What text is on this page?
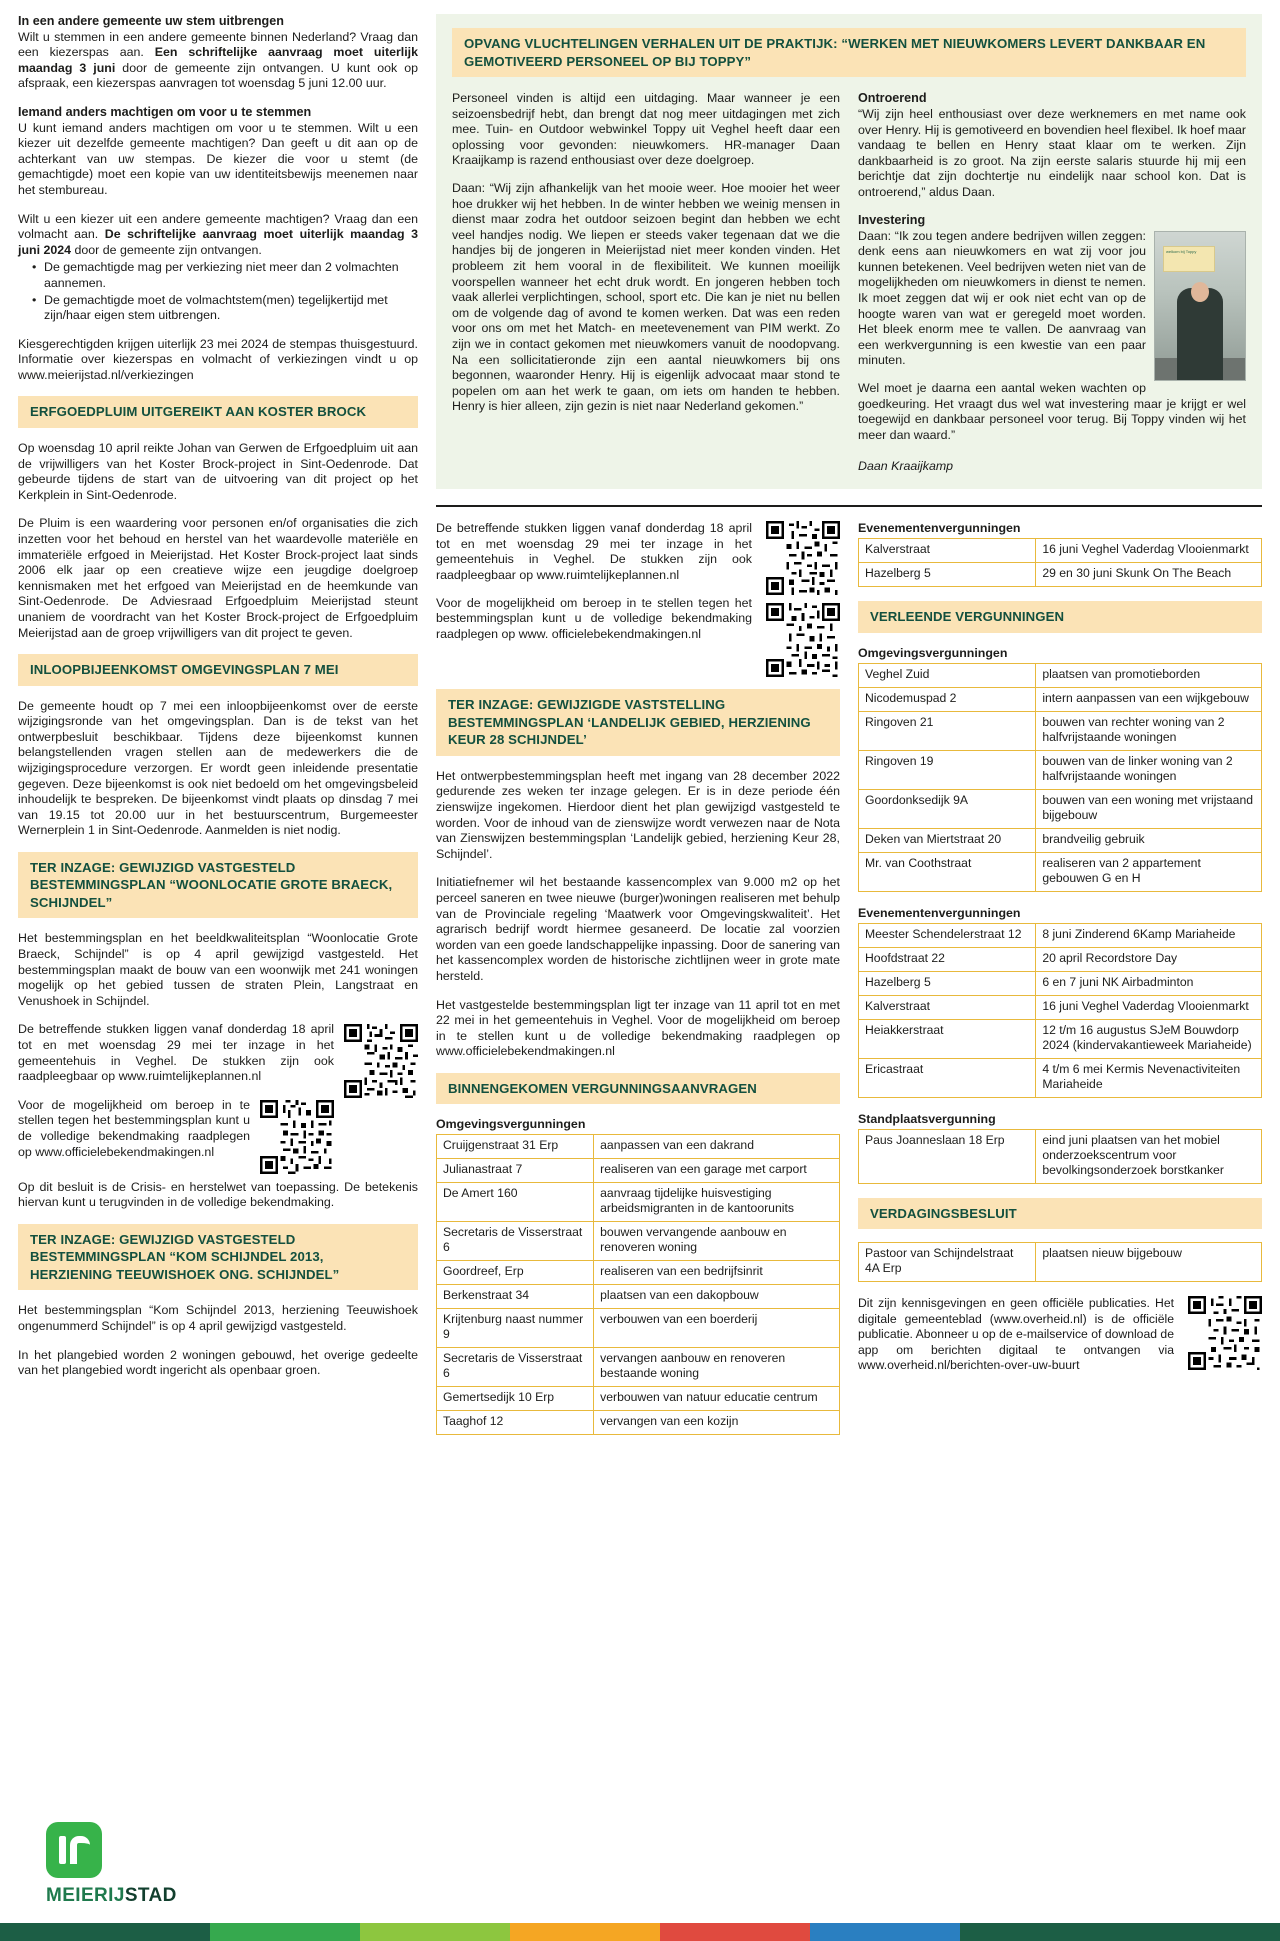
In een andere gemeente uw stem uitbrengen

Wilt u stemmen in een andere gemeente binnen Nederland? Vraag dan een kiezerspas aan. Een schriftelijke aanvraag moet uiterlijk maandag 3 juni door de gemeente zijn ontvangen. U kunt ook op afspraak, een kiezerspas aanvragen tot woensdag 5 juni 12.00 uur.

Iemand anders machtigen om voor u te stemmen

U kunt iemand anders machtigen om voor u te stemmen. Wilt u een kiezer uit dezelfde gemeente machtigen? Dan geeft u dit aan op de achterkant van uw stempas. De kiezer die voor u stemt (de gemachtigde) moet een kopie van uw identiteitsbewijs meenemen naar het stembureau.

Wilt u een kiezer uit een andere gemeente machtigen? Vraag dan een volmacht aan. De schriftelijke aanvraag moet uiterlijk maandag 3 juni 2024 door de gemeente zijn ontvangen.

• De gemachtigde mag per verkiezing niet meer dan 2 volmachten aannemen.
• De gemachtigde moet de volmachtstem(men) tegelijkertijd met zijn/haar eigen stem uitbrengen.

Kiesgerechtigden krijgen uiterlijk 23 mei 2024 de stempas thuisgestuurd. Informatie over kiezerspas en volmacht of verkiezingen vindt u op www.meierijstad.nl/verkiezingen

ERFGOEDPLUIM UITGEREIKT AAN KOSTER BROCK

Op woensdag 10 april reikte Johan van Gerwen de Erfgoedpluim uit aan de vrijwilligers van het Koster Brock-project in Sint-Oedenrode. Dat gebeurde tijdens de start van de uitvoering van dit project op het Kerkplein in Sint-Oedenrode.

De Pluim is een waardering voor personen en/of organisaties die zich inzetten voor het behoud en herstel van het waardevolle materiële en immateriële erfgoed in Meierijstad. Het Koster Brock-project laat sinds 2006 elk jaar op een creatieve wijze een jeugdige doelgroep kennismaken met het erfgoed van Meierijstad en de heemkunde van Sint-Oedenrode. De Adviesraad Erfgoedpluim Meierijstad steunt unaniem de voordracht van het Koster Brock-project de Erfgoedpluim Meierijstad aan de groep vrijwilligers van dit project te geven.

INLOOPBIJEENKOMST OMGEVINGSPLAN 7 MEI

De gemeente houdt op 7 mei een inloopbijeenkomst over de eerste wijzigingsronde van het omgevingsplan. Dan is de tekst van het ontwerpbesluit beschikbaar. Tijdens deze bijeenkomst kunnen belangstellenden vragen stellen aan de medewerkers die de wijzigingsprocedure verzorgen. Er wordt geen inleidende presentatie gegeven. Deze bijeenkomst is ook niet bedoeld om het omgevingsbeleid inhoudelijk te bespreken. De bijeenkomst vindt plaats op dinsdag 7 mei van 19.15 tot 20.00 uur in het bestuurscentrum, Burgemeester Wernerplein 1 in Sint-Oedenrode. Aanmelden is niet nodig.

TER INZAGE: GEWIJZIGD VASTGESTELD BESTEMMINGSPLAN “WOONLOCATIE GROTE BRAECK, SCHIJNDEL”

Het bestemmingsplan en het beeldkwaliteitsplan “Woonlocatie Grote Braeck, Schijndel” is op 4 april gewijzigd vastgesteld. Het bestemmingsplan maakt de bouw van een woonwijk met 241 woningen mogelijk op het gebied tussen de straten Plein, Langstraat en Venushoek in Schijndel.

De betreffende stukken liggen vanaf donderdag 18 april tot en met woensdag 29 mei ter inzage in het gemeentehuis in Veghel. De stukken zijn ook raadpleegbaar op www.ruimtelijkeplannen.nl

Voor de mogelijkheid om beroep in te stellen tegen het bestemmingsplan kunt u de volledige bekendmaking raadplegen op www.officielebekendmakingen.nl

Op dit besluit is de Crisis- en herstelwet van toepassing. De betekenis hiervan kunt u terugvinden in de volledige bekendmaking.

TER INZAGE: GEWIJZIGD VASTGESTELD BESTEMMINGSPLAN “KOM SCHIJNDEL 2013, HERZIENING TEEUWISHOEK ONG. SCHIJNDEL”

Het bestemmingsplan “Kom Schijndel 2013, herziening Teeuwishoek ongenummerd Schijndel” is op 4 april gewijzigd vastgesteld.

In het plangebied worden 2 woningen gebouwd, het overige gedeelte van het plangebied wordt ingericht als openbaar groen.

OPVANG VLUCHTELINGEN VERHALEN UIT DE PRAKTIJK: “WERKEN MET NIEUWKOMERS LEVERT DANKBAAR EN GEMOTIVEERD PERSONEEL OP BIJ TOPPY”

Personeel vinden is altijd een uitdaging. Maar wanneer je een seizoensbedrijf hebt, dan brengt dat nog meer uitdagingen met zich mee. Tuin- en Outdoor webwinkel Toppy uit Veghel heeft daar een oplossing voor gevonden: nieuwkomers. HR-manager Daan Kraaijkamp is razend enthousiast over deze doelgroep.

Daan: “Wij zijn afhankelijk van het mooie weer. Hoe mooier het weer hoe drukker wij het hebben. In de winter hebben we weinig mensen in dienst maar zodra het outdoor seizoen begint dan hebben we echt veel handjes nodig. We liepen er steeds vaker tegenaan dat we die handjes bij de jongeren in Meierijstad niet meer konden vinden. Het probleem zit hem vooral in de flexibiliteit. We kunnen moeilijk voorspellen wanneer het echt druk wordt. En jongeren hebben toch vaak allerlei verplichtingen, school, sport etc. Die kan je niet nu bellen om de volgende dag of avond te komen werken. Dat was een reden voor ons om met het Match- en meetevenement van PIM werkt. Zo zijn we in contact gekomen met nieuwkomers vanuit de noodopvang. Na een sollicitatieronde zijn een aantal nieuwkomers bij ons begonnen, waaronder Henry. Hij is eigenlijk advocaat maar stond te popelen om aan het werk te gaan, om iets om handen te hebben. Henry is hier alleen, zijn gezin is niet naar Nederland gekomen.”

Ontroerend

“Wij zijn heel enthousiast over deze werknemers en met name ook over Henry. Hij is gemotiveerd en bovendien heel flexibel. Ik hoef maar vandaag te bellen en Henry staat klaar om te werken. Zijn dankbaarheid is zo groot. Na zijn eerste salaris stuurde hij mij een berichtje dat zijn dochtertje nu eindelijk naar school kon. Dat is ontroerend,” aldus Daan.

Investering
welkom bij Toppy

Daan: “Ik zou tegen andere bedrijven willen zeggen: denk eens aan nieuwkomers en wat zij voor jou kunnen betekenen. Veel bedrijven weten niet van de mogelijkheden om nieuwkomers in dienst te nemen. Ik moet zeggen dat wij er ook niet echt van op de hoogte waren van wat er geregeld moet worden. Het bleek enorm mee te vallen. De aanvraag van een werkvergunning is een kwestie van een paar minuten.

Wel moet je daarna een aantal weken wachten op goedkeuring. Het vraagt dus wel wat investering maar je krijgt er wel toegewijd en dankbaar personeel voor terug. Bij Toppy vinden wij het meer dan waard.”

Daan Kraaijkamp

De betreffende stukken liggen vanaf donderdag 18 april tot en met woensdag 29 mei ter inzage in het gemeentehuis in Veghel. De stukken zijn ook raadpleegbaar op www.ruimtelijkeplannen.nl

Voor de mogelijkheid om beroep in te stellen tegen het bestemmingsplan kunt u de volledige bekendmaking raadplegen op www. officielebekendmakingen.nl

TER INZAGE: GEWIJZIGDE VASTSTELLING BESTEMMINGSPLAN ‘LANDELIJK GEBIED, HERZIENING KEUR 28 SCHIJNDEL’

Het ontwerpbestemmingsplan heeft met ingang van 28 december 2022 gedurende zes weken ter inzage gelegen. Er is in deze periode één zienswijze ingekomen. Hierdoor dient het plan gewijzigd vastgesteld te worden. Voor de inhoud van de zienswijze wordt verwezen naar de Nota van Zienswijzen bestemmingsplan ‘Landelijk gebied, herziening Keur 28, Schijndel’.

Initiatiefnemer wil het bestaande kassencomplex van 9.000 m2 op het perceel saneren en twee nieuwe (burger)woningen realiseren met behulp van de Provinciale regeling ‘Maatwerk voor Omgevingskwaliteit’. Het agrarisch bedrijf wordt hiermee gesaneerd. De locatie zal voorzien worden van een goede landschappelijke inpassing. Door de sanering van het kassencomplex worden de historische zichtlijnen weer in grote mate hersteld.

Het vastgestelde bestemmingsplan ligt ter inzage van 11 april tot en met 22 mei in het gemeentehuis in Veghel. Voor de mogelijkheid om beroep in te stellen kunt u de volledige bekendmaking raadplegen op www.officielebekendmakingen.nl

BINNENGEKOMEN VERGUNNINGSAANVRAGEN
Omgevingsvergunningen
Cruijgenstraat 31 Erp	aanpassen van een dakrand
Julianastraat 7	realiseren van een garage met carport
De Amert 160	aanvraag tijdelijke huisvestiging arbeidsmigranten in de kantoorunits
Secretaris de Visserstraat 6	bouwen vervangende aanbouw en renoveren woning
Goordreef, Erp	realiseren van een bedrijfsinrit
Berkenstraat 34	plaatsen van een dakopbouw
Krijtenburg naast nummer 9	verbouwen van een boerderij
Secretaris de Visserstraat 6	vervangen aanbouw en renoveren bestaande woning
Gemertsedijk 10 Erp	verbouwen van natuur educatie centrum
Taaghof 12	vervangen van een kozijn
Evenementenvergunningen
Kalverstraat	16 juni Veghel Vaderdag Vlooienmarkt
Hazelberg 5	29 en 30 juni Skunk On The Beach
VERLEENDE VERGUNNINGEN
Omgevingsvergunningen
Veghel Zuid	plaatsen van promotieborden
Nicodemuspad 2	intern aanpassen van een wijkgebouw
Ringoven 21	bouwen van rechter woning van 2 halfvrijstaande woningen
Ringoven 19	bouwen van de linker woning van 2 halfvrijstaande woningen
Goordonksedijk 9A	bouwen van een woning met vrijstaand bijgebouw
Deken van Miertstraat 20	brandveilig gebruik
Mr. van Coothstraat	realiseren van 2 appartement gebouwen G en H
Evenementenvergunningen
Meester Schendelerstraat 12	8 juni Zinderend 6Kamp Mariaheide
Hoofdstraat 22	20 april Recordstore Day
Hazelberg 5	6 en 7 juni NK Airbadminton
Kalverstraat	16 juni Veghel Vaderdag Vlooienmarkt
Heiakkerstraat	12 t/m 16 augustus SJeM Bouwdorp 2024 (kindervakantieweek Mariaheide)
Ericastraat	4 t/m 6 mei Kermis Nevenactiviteiten Mariaheide
Standplaatsvergunning
Paus Joanneslaan 18 Erp	eind juni plaatsen van het mobiel onderzoekscentrum voor bevolkingsonderzoek borstkanker
VERDAGINGSBESLUIT
Pastoor van Schijndelstraat 4A Erp	plaatsen nieuw bijgebouw
Dit zijn kennisgevingen en geen officiële publicaties. Het digitale gemeenteblad (www.overheid.nl) is de officiële publicatie. Abonneer u op de e-mailservice of download de app om berichten digitaal te ontvangen via www.overheid.nl/berichten-over-uw-buurt
MEIERIJSTAD
